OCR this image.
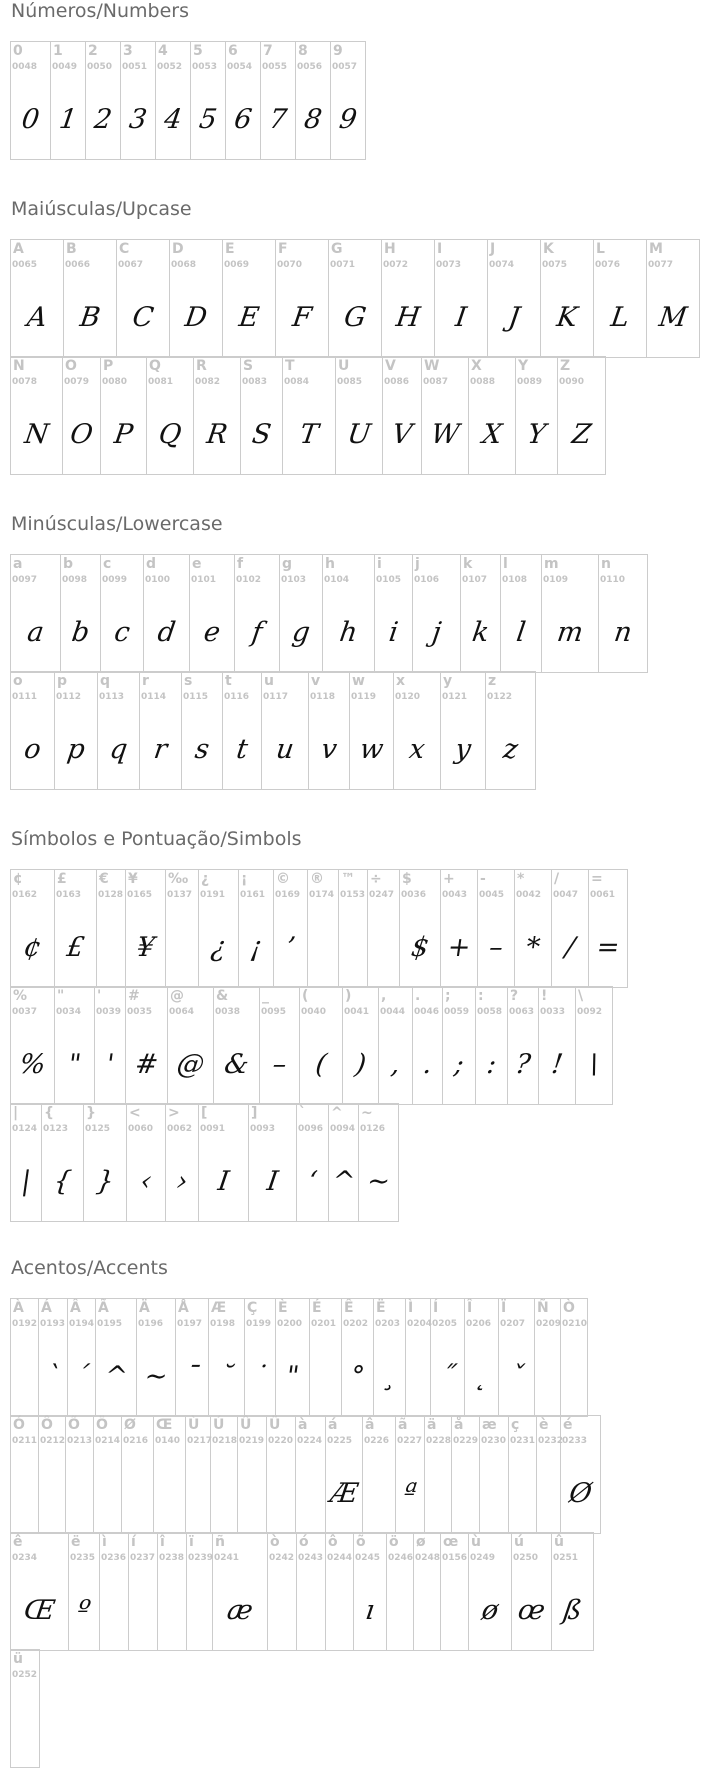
Números/Numbers
0
0048
0
1
0049
1
2
0050
2
3
0051
3
4
0052
4
5
0053
5
6
0054
6
7
0055
7
8
0056
8
9
0057
9
Maiúsculas/Upcase
A
0065
A
B
0066
B
C
0067
C
D
0068
D
E
0069
E
F
0070
F
G
0071
G
H
0072
H
I
0073
I
J
0074
J
K
0075
K
L
0076
L
M
0077
M
N
0078
N
O
0079
O
P
0080
P
Q
0081
Q
R
0082
R
S
0083
S
T
0084
T
U
0085
U
V
0086
V
W
0087
W
X
0088
X
Y
0089
Y
Z
0090
Z
Minúsculas/Lowercase
a
0097
a
b
0098
b
c
0099
c
d
0100
d
e
0101
e
f
0102
f
g
0103
g
h
0104
h
i
0105
i
j
0106
j
k
0107
k
l
0108
l
m
0109
m
n
0110
n
o
0111
o
p
0112
p
q
0113
q
r
0114
r
s
0115
s
t
0116
t
u
0117
u
v
0118
v
w
0119
w
x
0120
x
y
0121
y
z
0122
z
Símbolos e Pontuação/Simbols
¢
0162
¢
£
0163
£
€
0128
¥
0165
¥
‰
0137
¿
0191
¿
¡
0161
¡
©
0169
’
®
0174
™
0153
÷
0247
$
0036
$
+
0043
+
-
0045
–
*
0042
*
/
0047
/
=
0061
=
%
0037
%
"
0034
"
'
0039
'
#
0035
#
@
0064
@
&
0038
&
_
0095
–
(
0040
(
)
0041
)
,
0044
,
.
0046
.
;
0059
;
:
0058
:
?
0063
?
!
0033
!
\
0092
\
|
0124
|
{
0123
{
}
0125
}
<
0060
‹
>
0062
›
[
0091
I
]
0093
I
`
0096
‘
^
0094
^
~
0126
~
Acentos/Accents
À
0192
Á
0193
`
Â
0194
´
Ã
0195
^
Ä
0196
~
Å
0197
¯
Æ
0198
˘
Ç
0199
˙
È
0200
"
É
0201
Ê
0202
°
Ë
0203
¸
Ì
0204
Í
0205
˝
Î
0206
˛
Ï
0207
ˇ
Ñ
0209
Ò
0210
Ó
0211
Ô
0212
Õ
0213
Ö
0214
Ø
0216
Œ
0140
Ù
0217
Ú
0218
Û
0219
Ü
0220
à
0224
á
0225
Æ
â
0226
ã
0227
ª
ä
0228
å
0229
æ
0230
ç
0231
è
0232
é
0233
Ø
ê
0234
Œ
ë
0235
º
ì
0236
í
0237
î
0238
ï
0239
ñ
0241
æ
ò
0242
ó
0243
ô
0244
õ
0245
ı
ö
0246
ø
0248
œ
0156
ù
0249
ø
ú
0250
œ
û
0251
ß
ü
0252
